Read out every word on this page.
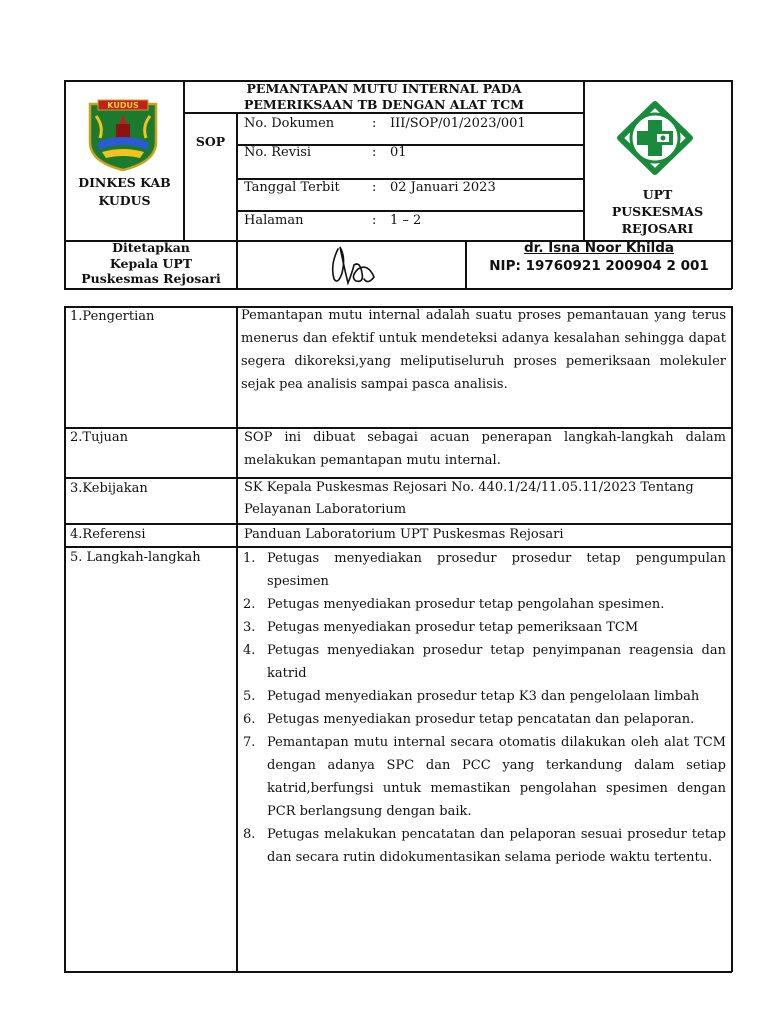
KUDUS
DINKES KAB
KUDUS
SOP
PEMANTAPAN MUTU INTERNAL PADA
PEMERIKSAAN TB DENGAN ALAT TCM
No. Dokumen	: III/SOP/01/2023/001
No. Revisi	: 01
Tanggal Terbit : 02 Januari 2023
Halaman	: 1 – 2
UPT
PUSKESMAS
REJOSARI
Ditetapkan
Kepala UPT
Puskesmas Rejosari
dr. Isna Noor Khilda
NIP: 19760921 200904 2 001
1.Pengertian	Pemantapan mutu internal adalah suatu proses pemantauan yang terus menerus dan efektif untuk mendeteksi adanya kesalahan sehingga dapat segera dikoreksi,yang meliputiseluruh proses pemeriksaan molekuler sejak pea analisis sampai pasca analisis.
2.Tujuan	SOP ini dibuat sebagai acuan penerapan langkah-langkah dalam melakukan pemantapan mutu internal.
3.Kebijakan	SK Kepala Puskesmas Rejosari No. 440.1/24/11.05.11/2023 Tentang Pelayanan Laboratorium
4.Referensi	Panduan Laboratorium UPT Puskesmas Rejosari
5. Langkah-langkah	1. Petugas menyediakan prosedur prosedur tetap pengumpulan spesimen
2. Petugas menyediakan prosedur tetap pengolahan spesimen.
3. Petugas menyediakan prosedur tetap pemeriksaan TCM
4. Petugas menyediakan prosedur tetap penyimpanan reagensia dan katrid
5. Petugad menyediakan prosedur tetap K3 dan pengelolaan limbah
6. Petugas menyediakan prosedur tetap pencatatan dan pelaporan.
7. Pemantapan mutu internal secara otomatis dilakukan oleh alat TCM dengan adanya SPC dan PCC yang terkandung dalam setiap katrid,berfungsi untuk memastikan pengolahan spesimen dengan PCR berlangsung dengan baik.
8. Petugas melakukan pencatatan dan pelaporan sesuai prosedur tetap dan secara rutin didokumentasikan selama periode waktu tertentu.
